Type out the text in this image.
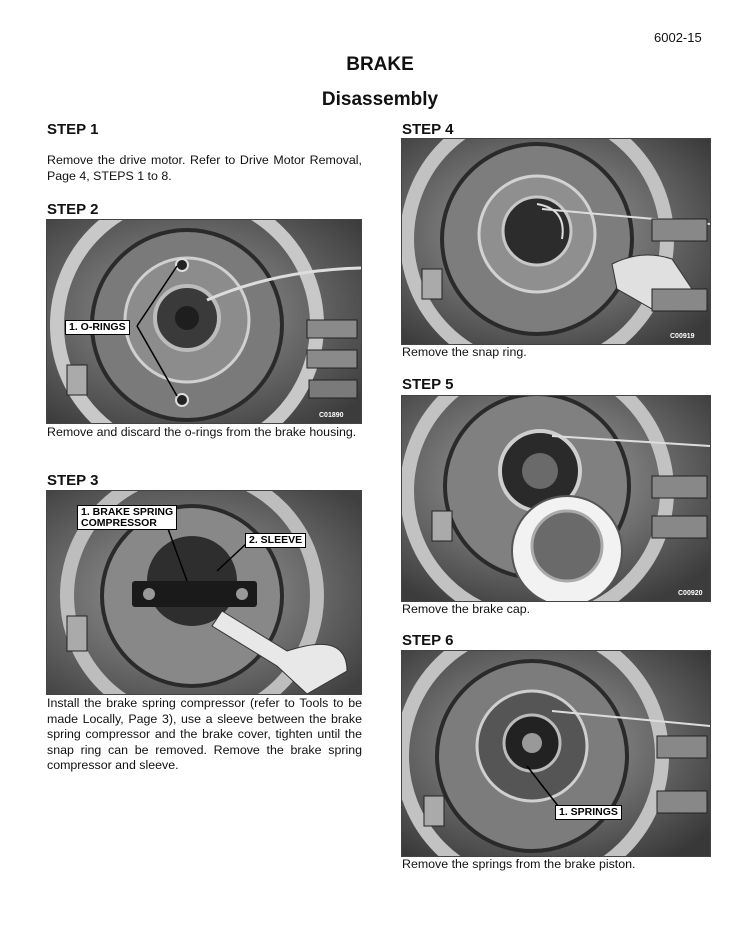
6002-15
BRAKE
Disassembly
STEP 1
Remove the drive motor. Refer to Drive Motor Removal, Page 4, STEPS 1 to 8.
STEP 2
1. O-RINGS
C01890
Remove and discard the o-rings from the brake housing.
STEP 3
1. BRAKE SPRING
COMPRESSOR
2. SLEEVE
Install the brake spring compressor (refer to Tools to be made Locally, Page 3), use a sleeve between the brake spring compressor and the brake cover, tighten until the snap ring can be removed. Remove the brake spring compressor and sleeve.
STEP 4
C00919
Remove the snap ring.
STEP 5
C00920
Remove the brake cap.
STEP 6
1. SPRINGS
Remove the springs from the brake piston.
